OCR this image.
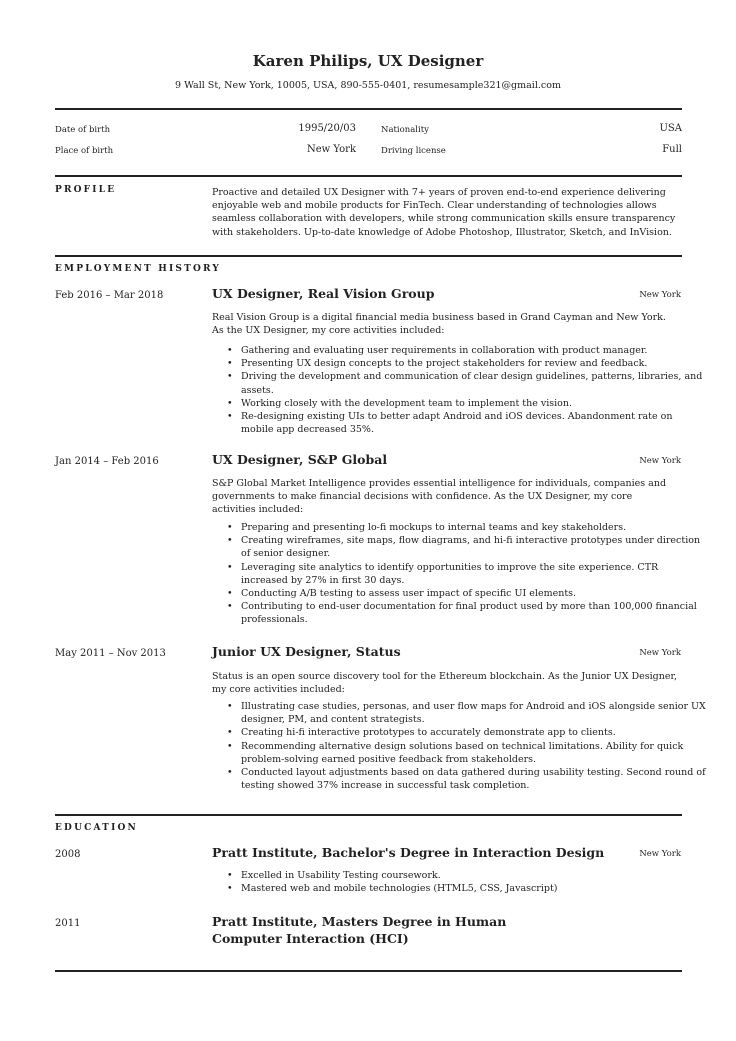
Karen Philips, UX Designer
9 Wall St, New York, 10005, USA, 890-555-0401, resumesample321@gmail.com
Date of birth	1995/20/03	Nationality	USA
Place of birth	New York	Driving license	Full
PROFILE	Proactive and detailed UX Designer with 7+ years of proven end-to-end experience delivering enjoyable web and mobile products for FinTech. Clear understanding of technologies allows seamless collaboration with developers, while strong communication skills ensure transparency with stakeholders. Up-to-date knowledge of Adobe Photoshop, Illustrator, Sketch, and InVision.
EMPLOYMENT HISTORY
Feb 2016 – Mar 2018	UX Designer, Real Vision Group	New York
Real Vision Group is a digital financial media business based in Grand Cayman and New York. As the UX Designer, my core activities included:
• Gathering and evaluating user requirements in collaboration with product manager.
• Presenting UX design concepts to the project stakeholders for review and feedback.
• Driving the development and communication of clear design guidelines, patterns, libraries, and assets.
• Working closely with the development team to implement the vision.
• Re-designing existing UIs to better adapt Android and iOS devices. Abandonment rate on mobile app decreased 35%.
Jan 2014 – Feb 2016	UX Designer, S&P Global	New York
S&P Global Market Intelligence provides essential intelligence for individuals, companies and governments to make financial decisions with confidence. As the UX Designer, my core activities included:
• Preparing and presenting lo-fi mockups to internal teams and key stakeholders.
• Creating wireframes, site maps, flow diagrams, and hi-fi interactive prototypes under direction of senior designer.
• Leveraging site analytics to identify opportunities to improve the site experience. CTR increased by 27% in first 30 days.
• Conducting A/B testing to assess user impact of specific UI elements.
• Contributing to end-user documentation for final product used by more than 100,000 financial professionals.
May 2011 – Nov 2013	Junior UX Designer, Status	New York
Status is an open source discovery tool for the Ethereum blockchain. As the Junior UX Designer, my core activities included:
• Illustrating case studies, personas, and user flow maps for Android and iOS alongside senior UX designer, PM, and content strategists.
• Creating hi-fi interactive prototypes to accurately demonstrate app to clients.
• Recommending alternative design solutions based on technical limitations. Ability for quick problem-solving earned positive feedback from stakeholders.
• Conducted layout adjustments based on data gathered during usability testing. Second round of testing showed 37% increase in successful task completion.
EDUCATION
2008	Pratt Institute, Bachelor's Degree in Interaction Design	New York
• Excelled in Usability Testing coursework.
• Mastered web and mobile technologies (HTML5, CSS, Javascript)
2011	Pratt Institute, Masters Degree in Human Computer Interaction (HCI)
